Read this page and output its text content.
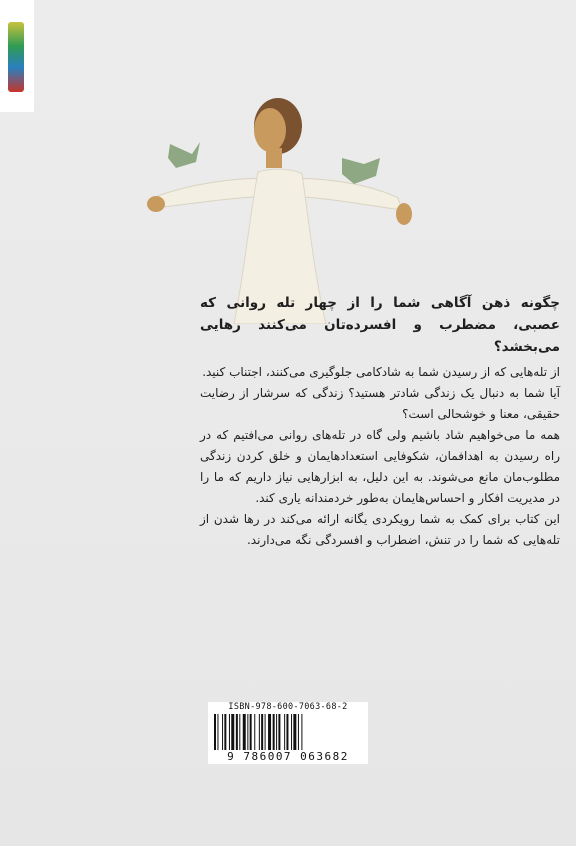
چگونه ذهن آگاهی شما را از چهار تله روانی که عصبی، مضطرب و افسرده‌تان می‌کنند رهایی می‌بخشد؟

از تله‌هایی که از رسیدن شما به شادکامی جلوگیری می‌کنند، اجتناب کنید.

آیا شما به دنبال یک زندگی شادتر هستید؟ زندگی که سرشار از رضایت حقیقی، معنا و خوشحالی است؟

همه ما می‌خواهیم شاد باشیم ولی گاه در تله‌های روانی می‌افتیم که در راه رسیدن به اهدافمان، شکوفایی استعدادهایمان و خلق کردن زندگی مطلوب‌مان مانع می‌شوند. به این دلیل، به ابزارهایی نیاز داریم که ما را در مدیریت افکار و احساس‌هایمان به‌طور خردمندانه یاری کند.

این کتاب برای کمک به شما رویکردی یگانه ارائه می‌کند در رها شدن از تله‌هایی که شما را در تنش، اضطراب و افسردگی نگه می‌دارند.

ISBN-978-600-7063-68-2
9 786007 063682
